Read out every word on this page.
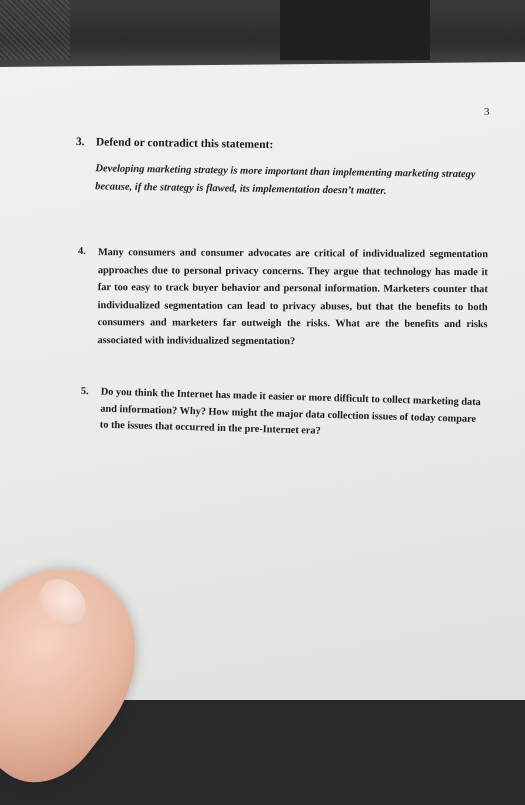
3
3. Defend or contradict this statement:
Developing marketing strategy is more important than implementing marketing strategy because, if the strategy is flawed, its implementation doesn’t matter.
4. Many consumers and consumer advocates are critical of individualized segmentation approaches due to personal privacy concerns. They argue that technology has made it far too easy to track buyer behavior and personal information. Marketers counter that individualized segmentation can lead to privacy abuses, but that the benefits to both consumers and marketers far outweigh the risks. What are the benefits and risks associated with individualized segmentation?
5. Do you think the Internet has made it easier or more difficult to collect marketing data and information? Why? How might the major data collection issues of today compare to the issues that occurred in the pre-Internet era?
